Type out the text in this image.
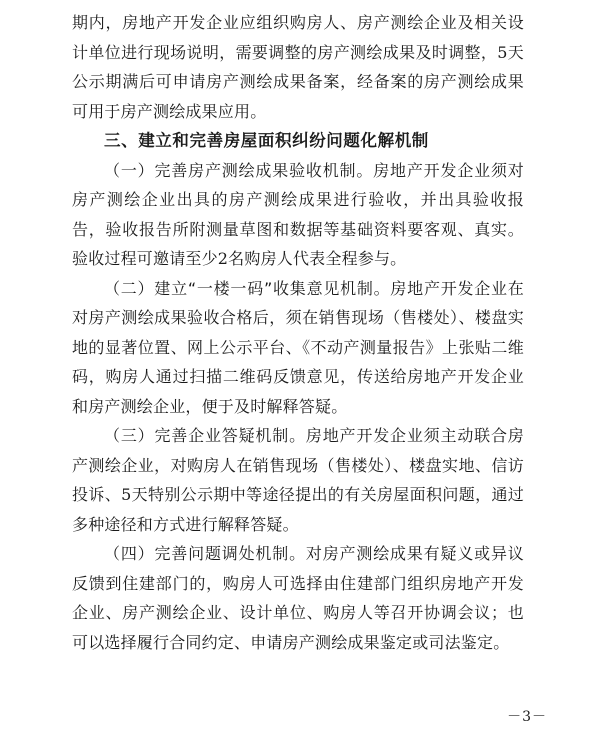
期内，房地产开发企业应组织购房人、房产测绘企业及相关设计单位进行现场说明，需要调整的房产测绘成果及时调整，5天公示期满后可申请房产测绘成果备案，经备案的房产测绘成果可用于房产测绘成果应用。

三、建立和完善房屋面积纠纷问题化解机制

（一）完善房产测绘成果验收机制。房地产开发企业须对房产测绘企业出具的房产测绘成果进行验收，并出具验收报告，验收报告所附测量草图和数据等基础资料要客观、真实。验收过程可邀请至少2名购房人代表全程参与。

（二）建立“一楼一码”收集意见机制。房地产开发企业在对房产测绘成果验收合格后，须在销售现场（售楼处）、楼盘实地的显著位置、网上公示平台、《不动产测量报告》上张贴二维码，购房人通过扫描二维码反馈意见，传送给房地产开发企业和房产测绘企业，便于及时解释答疑。

（三）完善企业答疑机制。房地产开发企业须主动联合房产测绘企业，对购房人在销售现场（售楼处）、楼盘实地、信访投诉、5天特别公示期中等途径提出的有关房屋面积问题，通过多种途径和方式进行解释答疑。

（四）完善问题调处机制。对房产测绘成果有疑义或异议反馈到住建部门的，购房人可选择由住建部门组织房地产开发企业、房产测绘企业、设计单位、购房人等召开协调会议；也可以选择履行合同约定、申请房产测绘成果鉴定或司法鉴定。

－3－
